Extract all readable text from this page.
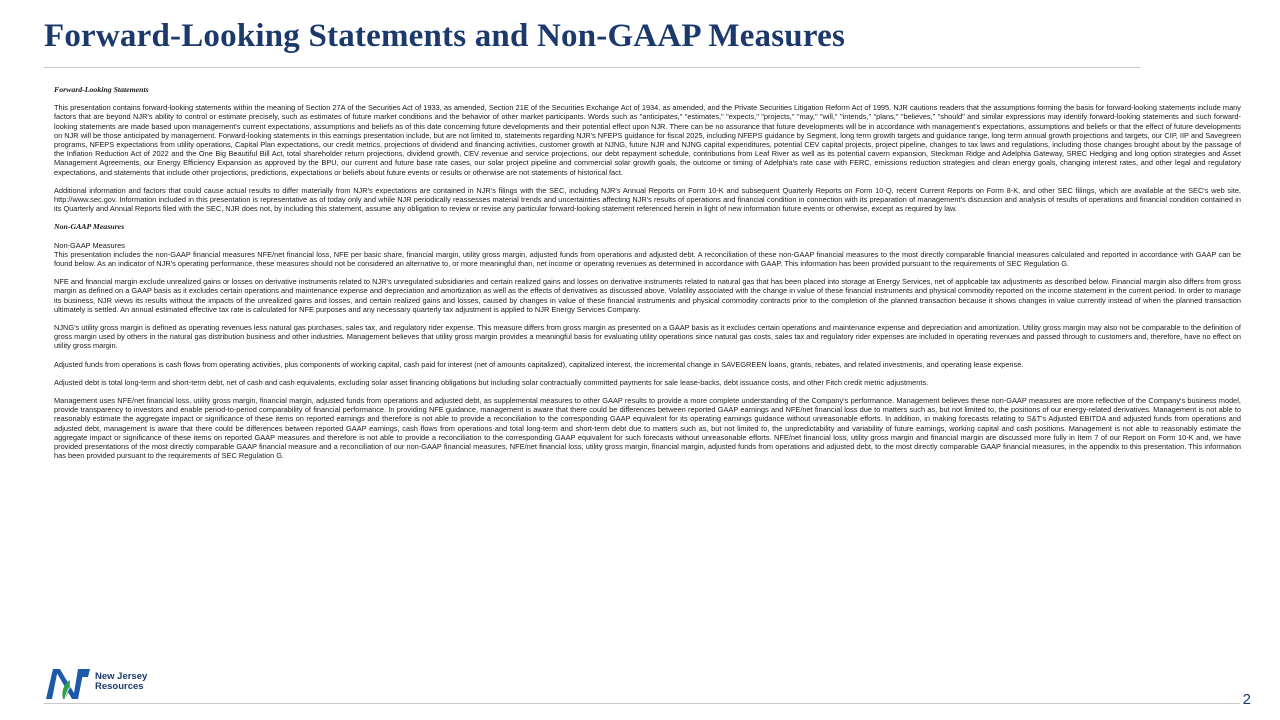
Forward-Looking Statements and Non-GAAP Measures
Forward-Looking Statements

This presentation contains forward-looking statements within the meaning of Section 27A of the Securities Act of 1933, as amended, Section 21E of the Securities Exchange Act of 1934, as amended, and the Private Securities Litigation Reform Act of 1995. NJR cautions readers that the assumptions forming the basis for forward-looking statements include many factors that are beyond NJR's ability to control or estimate precisely, such as estimates of future market conditions and the behavior of other market participants. Words such as "anticipates," "estimates," "expects," "projects," "may," "will," "intends," "plans," "believes," "should" and similar expressions may identify forward-looking statements and such forward-looking statements are made based upon management's current expectations, assumptions and beliefs as of this date concerning future developments and their potential effect upon NJR. There can be no assurance that future developments will be in accordance with management's expectations, assumptions and beliefs or that the effect of future developments on NJR will be those anticipated by management. Forward-looking statements in this earnings presentation include, but are not limited to, statements regarding NJR's NFEPS guidance for fiscal 2025, including NFEPS guidance by Segment, long term growth targets and guidance range, long term annual growth projections and targets, our CIP, IIP and Savegreen programs, NFEPS expectations from utility operations, Capital Plan expectations, our credit metrics, projections of dividend and financing activities, customer growth at NJNG, future NJR and NJNG capital expenditures, potential CEV capital projects, project pipeline, changes to tax laws and regulations, including those changes brought about by the passage of the Inflation Reduction Act of 2022 and the One Big Beautiful Bill Act, total shareholder return projections, dividend growth, CEV revenue and service projections, our debt repayment schedule, contributions from Leaf River as well as its potential cavern expansion, Steckman Ridge and Adelphia Gateway, SREC Hedging and long option strategies and Asset Management Agreements, our Energy Efficiency Expansion as approved by the BPU, our current and future base rate cases, our solar project pipeline and commercial solar growth goals, the outcome or timing of Adelphia's rate case with FERC, emissions reduction strategies and clean energy goals, changing interest rates, and other legal and regulatory expectations, and statements that include other projections, predictions, expectations or beliefs about future events or results or otherwise are not statements of historical fact.

Additional information and factors that could cause actual results to differ materially from NJR's expectations are contained in NJR's filings with the SEC, including NJR's Annual Reports on Form 10-K and subsequent Quarterly Reports on Form 10-Q, recent Current Reports on Form 8-K, and other SEC filings, which are available at the SEC's web site, http://www.sec.gov. Information included in this presentation is representative as of today only and while NJR periodically reassesses material trends and uncertainties affecting NJR's results of operations and financial condition in connection with its preparation of management's discussion and analysis of results of operations and financial condition contained in its Quarterly and Annual Reports filed with the SEC, NJR does not, by including this statement, assume any obligation to review or revise any particular forward-looking statement referenced herein in light of new information future events or otherwise, except as required by law.

Non-GAAP Measures

Non-GAAP Measures

This presentation includes the non-GAAP financial measures NFE/net financial loss, NFE per basic share, financial margin, utility gross margin, adjusted funds from operations and adjusted debt. A reconciliation of these non-GAAP financial measures to the most directly comparable financial measures calculated and reported in accordance with GAAP can be found below. As an indicator of NJR's operating performance, these measures should not be considered an alternative to, or more meaningful than, net income or operating revenues as determined in accordance with GAAP. This information has been provided pursuant to the requirements of SEC Regulation G.

NFE and financial margin exclude unrealized gains or losses on derivative instruments related to NJR's unregulated subsidiaries and certain realized gains and losses on derivative instruments related to natural gas that has been placed into storage at Energy Services, net of applicable tax adjustments as described below. Financial margin also differs from gross margin as defined on a GAAP basis as it excludes certain operations and maintenance expense and depreciation and amortization as well as the effects of derivatives as discussed above. Volatility associated with the change in value of these financial instruments and physical commodity reported on the income statement in the current period. In order to manage its business, NJR views its results without the impacts of the unrealized gains and losses, and certain realized gains and losses, caused by changes in value of these financial instruments and physical commodity contracts prior to the completion of the planned transaction because it shows changes in value currently instead of when the planned transaction ultimately is settled. An annual estimated effective tax rate is calculated for NFE purposes and any necessary quarterly tax adjustment is applied to NJR Energy Services Company.

NJNG's utility gross margin is defined as operating revenues less natural gas purchases, sales tax, and regulatory rider expense. This measure differs from gross margin as presented on a GAAP basis as it excludes certain operations and maintenance expense and depreciation and amortization. Utility gross margin may also not be comparable to the definition of gross margin used by others in the natural gas distribution business and other industries. Management believes that utility gross margin provides a meaningful basis for evaluating utility operations since natural gas costs, sales tax and regulatory rider expenses are included in operating revenues and passed through to customers and, therefore, have no effect on utility gross margin.

Adjusted funds from operations is cash flows from operating activities, plus components of working capital, cash paid for interest (net of amounts capitalized), capitalized interest, the incremental change in SAVEGREEN loans, grants, rebates, and related investments, and operating lease expense.

Adjusted debt is total long-term and short-term debt, net of cash and cash equivalents, excluding solar asset financing obligations but including solar contractually committed payments for sale lease-backs, debt issuance costs, and other Fitch credit metric adjustments.

Management uses NFE/net financial loss, utility gross margin, financial margin, adjusted funds from operations and adjusted debt, as supplemental measures to other GAAP results to provide a more complete understanding of the Company's performance. Management believes these non-GAAP measures are more reflective of the Company's business model, provide transparency to investors and enable period-to-period comparability of financial performance. In providing NFE guidance, management is aware that there could be differences between reported GAAP earnings and NFE/net financial loss due to matters such as, but not limited to, the positions of our energy-related derivatives. Management is not able to reasonably estimate the aggregate impact or significance of these items on reported earnings and therefore is not able to provide a reconciliation to the corresponding GAAP equivalent for its operating earnings guidance without unreasonable efforts. In addition, in making forecasts relating to S&T's Adjusted EBITDA and adjusted funds from operations and adjusted debt, management is aware that there could be differences between reported GAAP earnings, cash flows from operations and total long-term and short-term debt due to matters such as, but not limited to, the unpredictability and variability of future earnings, working capital and cash positions. Management is not able to reasonably estimate the aggregate impact or significance of these items on reported GAAP measures and therefore is not able to provide a reconciliation to the corresponding GAAP equivalent for such forecasts without unreasonable efforts. NFE/net financial loss, utility gross margin and financial margin are discussed more fully in Item 7 of our Report on Form 10-K and, we have provided presentations of the most directly comparable GAAP financial measure and a reconciliation of our non-GAAP financial measures, NFE/net financial loss, utility gross margin, financial margin, adjusted funds from operations and adjusted debt, to the most directly comparable GAAP financial measures, in the appendix to this presentation. This information has been provided pursuant to the requirements of SEC Regulation G.

New Jersey
Resources
2
